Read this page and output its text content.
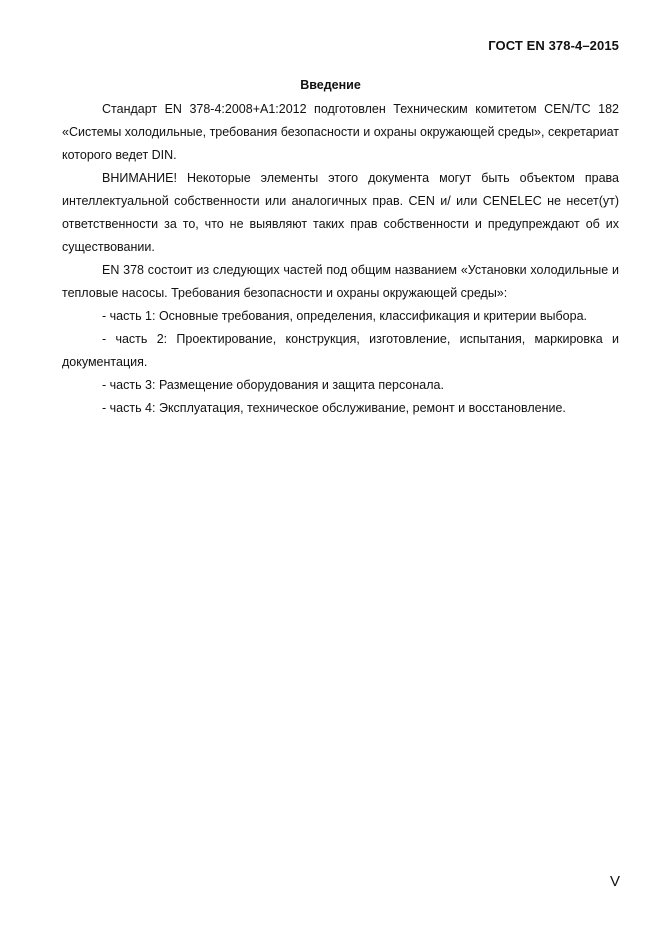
ГОСТ EN 378-4–2015
Введение

Стандарт EN 378-4:2008+A1:2012 подготовлен Техническим комитетом CEN/TC 182 «Системы холодильные, требования безопасности и охраны окружающей среды», секретариат которого ведет DIN.

ВНИМАНИЕ! Некоторые элементы этого документа могут быть объектом права интеллектуальной собственности или аналогичных прав. CEN и/ или CENELEC не несет(ут) ответственности за то, что не выявляют таких прав собственности и предупреждают об их существовании.

EN 378 состоит из следующих частей под общим названием «Установки холодильные и тепловые насосы. Требования безопасности и охраны окружающей среды»:

- часть 1: Основные требования, определения, классификация и критерии выбора.

- часть 2: Проектирование, конструкция, изготовление, испытания, маркировка и документация.

- часть 3: Размещение оборудования и защита персонала.

- часть 4: Эксплуатация, техническое обслуживание, ремонт и восстановление.

V
